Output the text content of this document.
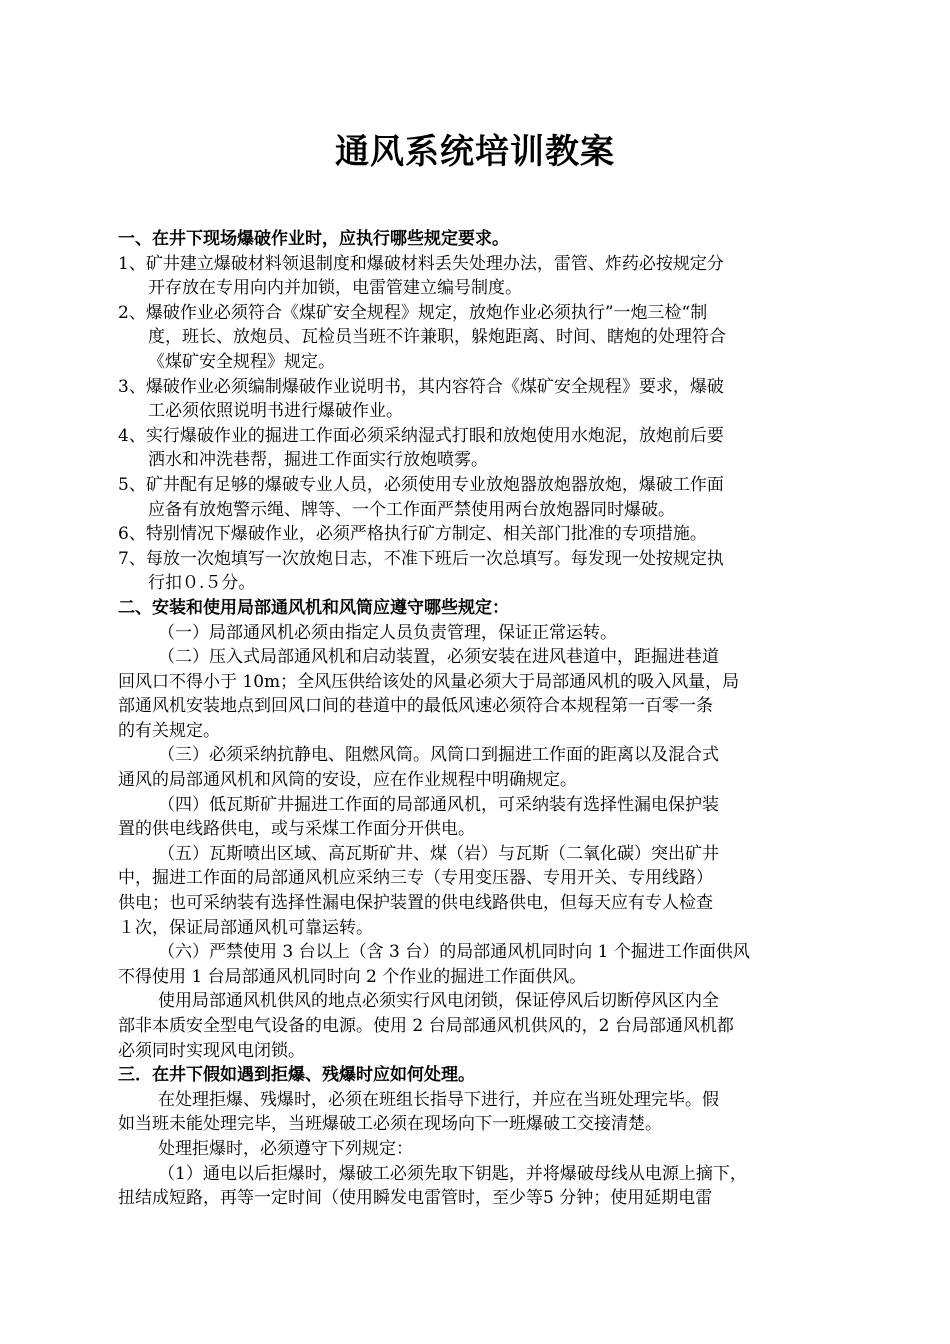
通风系统培训教案
一、在井下现场爆破作业时，应执行哪些规定要求。
1、矿井建立爆破材料领退制度和爆破材料丢失处理办法，雷管、炸药必按规定分
开存放在专用向内并加锁，电雷管建立编号制度。
2、爆破作业必须符合《煤矿安全规程》规定，放炮作业必须执行”一炮三检“制
度，班长、放炮员、瓦检员当班不许兼职，躲炮距离、时间、瞎炮的处理符合
《煤矿安全规程》规定。
3、爆破作业必须编制爆破作业说明书，其内容符合《煤矿安全规程》要求，爆破
工必须依照说明书进行爆破作业。
4、实行爆破作业的掘进工作面必须采纳湿式打眼和放炮使用水炮泥，放炮前后要
洒水和冲洗巷帮，掘进工作面实行放炮喷雾。
5、矿井配有足够的爆破专业人员，必须使用专业放炮器放炮器放炮，爆破工作面
应备有放炮警示绳、牌等、一个工作面严禁使用两台放炮器同时爆破。
6、特别情况下爆破作业，必须严格执行矿方制定、相关部门批准的专项措施。
7、每放一次炮填写一次放炮日志，不准下班后一次总填写。每发现一处按规定执
行扣０.５分。
二、安装和使用局部通风机和风筒应遵守哪些规定：
（一）局部通风机必须由指定人员负责管理，保证正常运转。
（二）压入式局部通风机和启动装置，必须安装在进风巷道中，距掘进巷道
回风口不得小于 10m；全风压供给该处的风量必须大于局部通风机的吸入风量，局
部通风机安装地点到回风口间的巷道中的最低风速必须符合本规程第一百零一条
的有关规定。
（三）必须采纳抗静电、阻燃风筒。风筒口到掘进工作面的距离以及混合式
通风的局部通风机和风筒的安设，应在作业规程中明确规定。
（四）低瓦斯矿井掘进工作面的局部通风机，可采纳装有选择性漏电保护装
置的供电线路供电，或与采煤工作面分开供电。
（五）瓦斯喷出区域、高瓦斯矿井、煤（岩）与瓦斯（二氧化碳）突出矿井
中，掘进工作面的局部通风机应采纳三专（专用变压器、专用开关、专用线路）
供电；也可采纳装有选择性漏电保护装置的供电线路供电，但每天应有专人检查
１次，保证局部通风机可靠运转。
（六）严禁使用 3 台以上（含 3 台）的局部通风机同时向 1 个掘进工作面供风
不得使用 1 台局部通风机同时向 2 个作业的掘进工作面供风。
使用局部通风机供风的地点必须实行风电闭锁，保证停风后切断停风区内全
部非本质安全型电气设备的电源。使用 2 台局部通风机供风的，2 台局部通风机都
必须同时实现风电闭锁。
三．在井下假如遇到拒爆、残爆时应如何处理。
在处理拒爆、残爆时，必须在班组长指导下进行，并应在当班处理完毕。假
如当班未能处理完毕，当班爆破工必须在现场向下一班爆破工交接清楚。
处理拒爆时，必须遵守下列规定：
（1）通电以后拒爆时，爆破工必须先取下钥匙，并将爆破母线从电源上摘下，
扭结成短路，再等一定时间（使用瞬发电雷管时，至少等5 分钟；使用延期电雷
